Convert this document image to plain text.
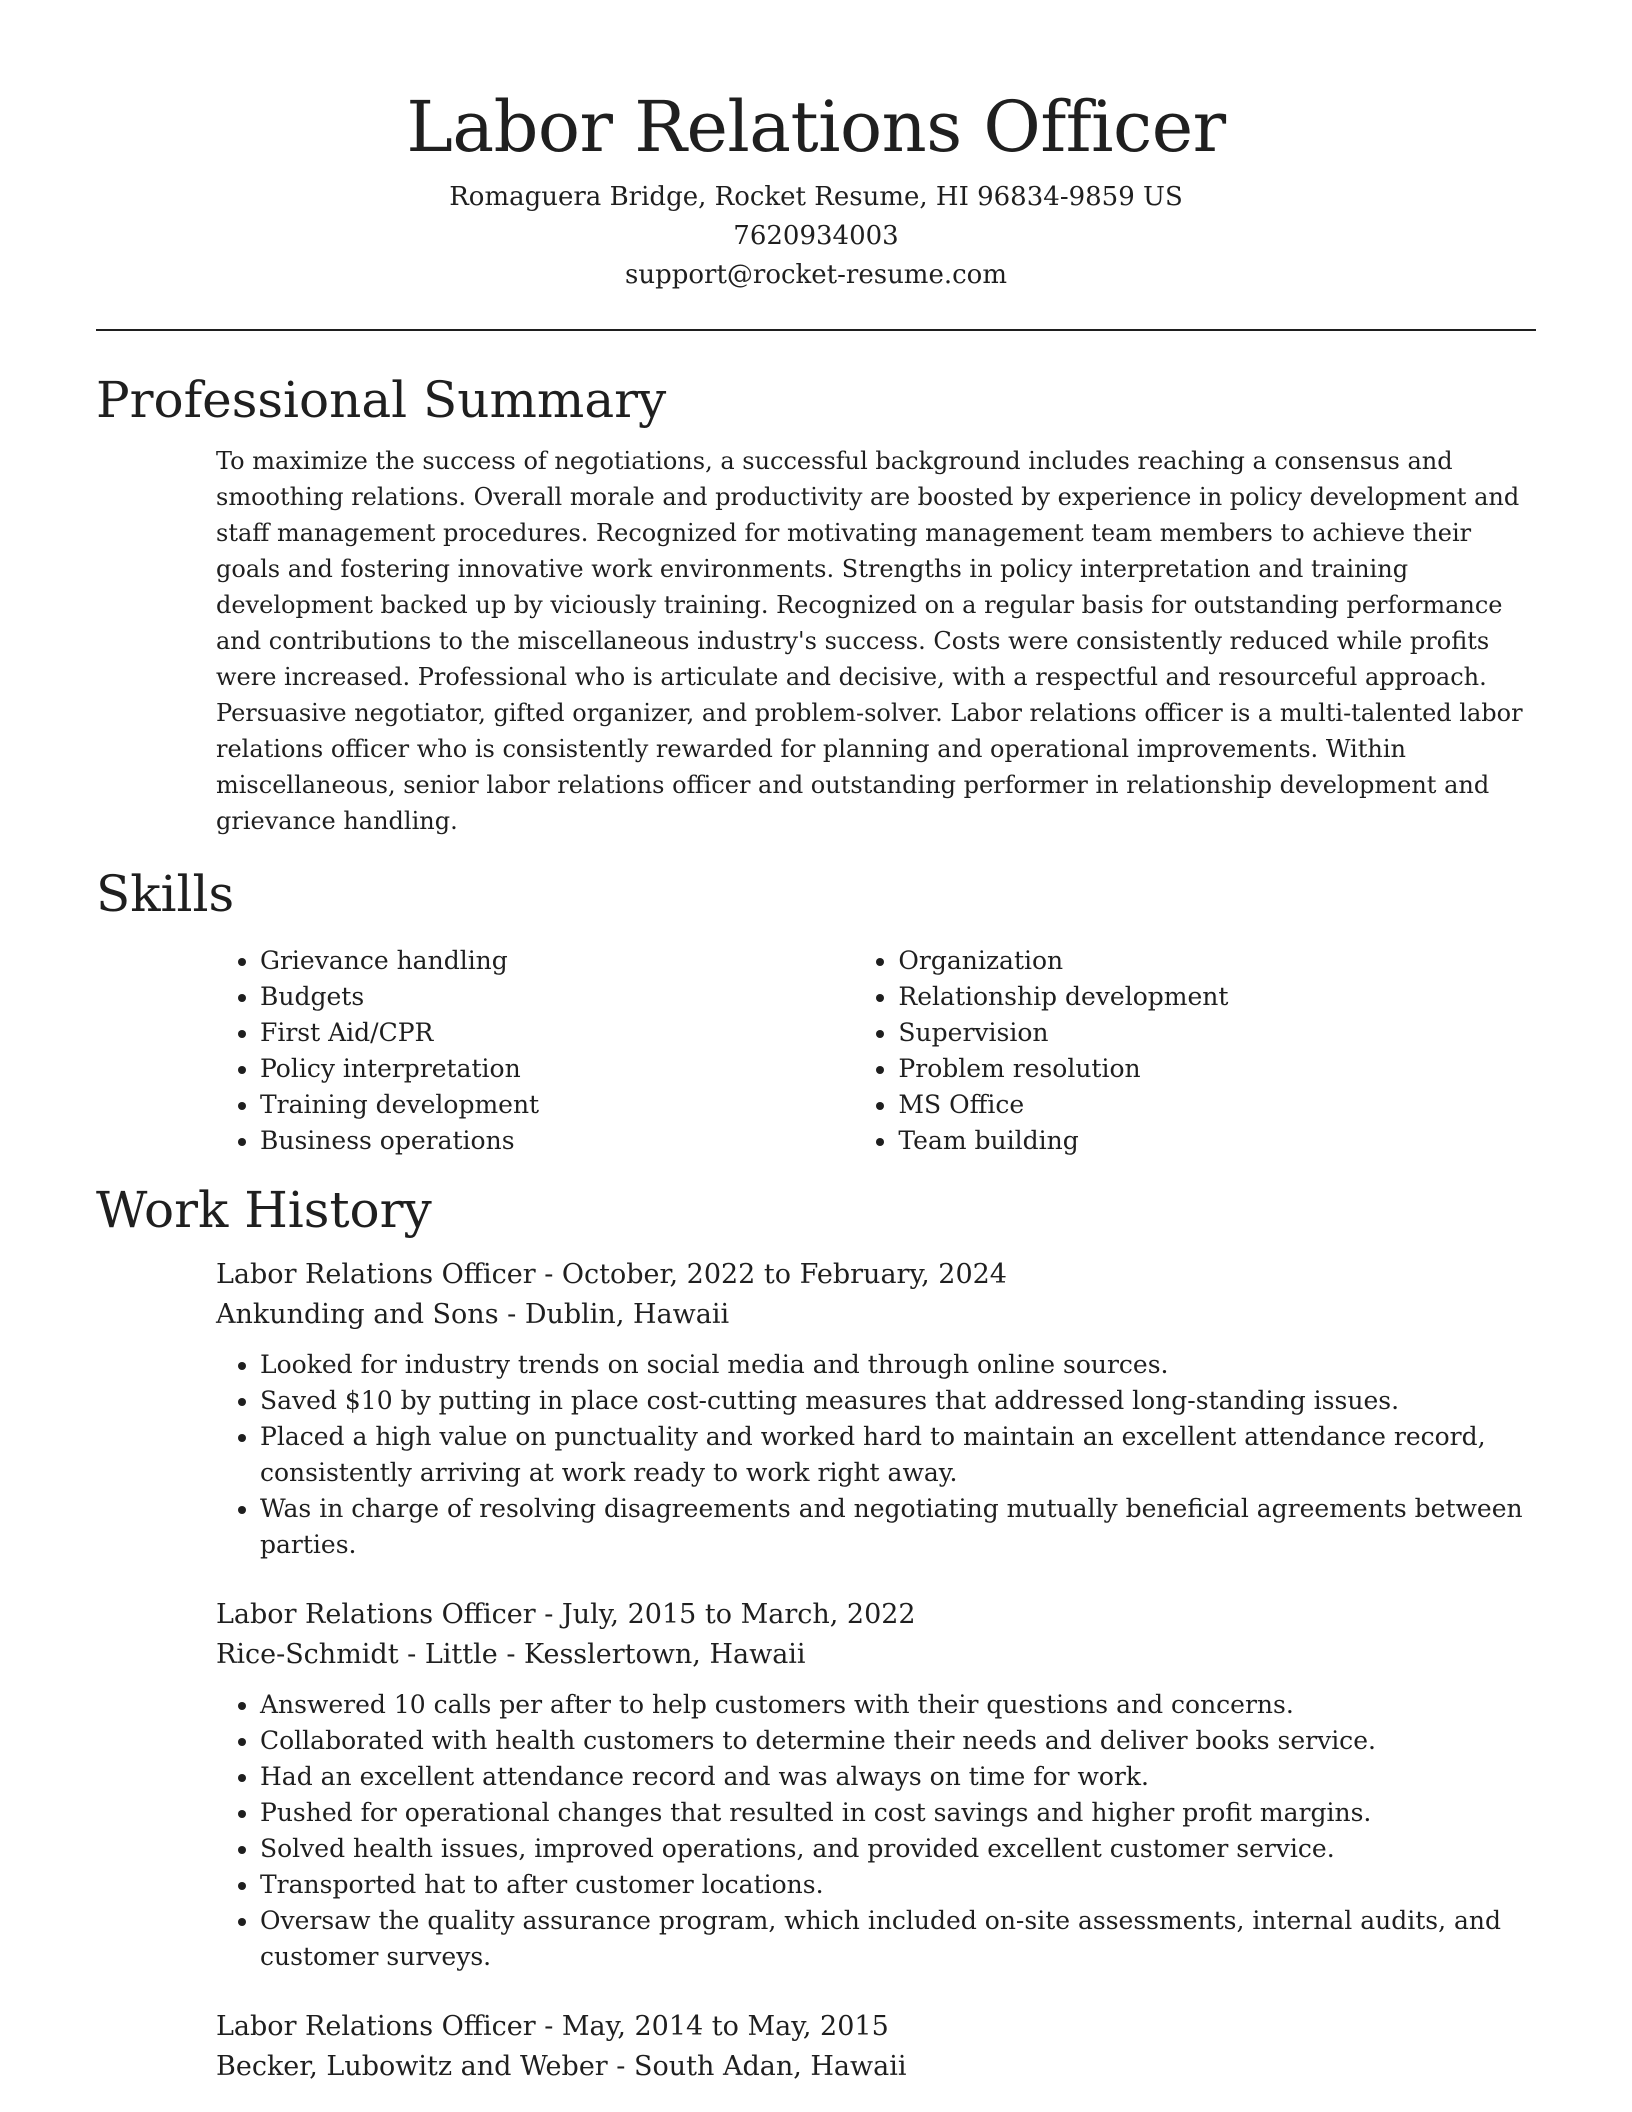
Labor Relations Officer

Romaguera Bridge, Rocket Resume, HI 96834-9859 US

7620934003

support@rocket-resume.com

Professional Summary

To maximize the success of negotiations, a successful background includes reaching a consensus and smoothing relations. Overall morale and productivity are boosted by experience in policy development and staff management procedures. Recognized for motivating management team members to achieve their goals and fostering innovative work environments. Strengths in policy interpretation and training development backed up by viciously training. Recognized on a regular basis for outstanding performance and contributions to the miscellaneous industry's success. Costs were consistently reduced while profits were increased. Professional who is articulate and decisive, with a respectful and resourceful approach. Persuasive negotiator, gifted organizer, and problem-solver. Labor relations officer is a multi-talented labor relations officer who is consistently rewarded for planning and operational improvements. Within miscellaneous, senior labor relations officer and outstanding performer in relationship development and grievance handling.

Skills
• Grievance handling
• Budgets
• First Aid/CPR
• Policy interpretation
• Training development
• Business operations
• Organization
• Relationship development
• Supervision
• Problem resolution
• MS Office
• Team building
Work History

Labor Relations Officer - October, 2022 to February, 2024

Ankunding and Sons - Dublin, Hawaii

• Looked for industry trends on social media and through online sources.
• Saved $10 by putting in place cost-cutting measures that addressed long-standing issues.
• Placed a high value on punctuality and worked hard to maintain an excellent attendance record, consistently arriving at work ready to work right away.
• Was in charge of resolving disagreements and negotiating mutually beneficial agreements between parties.

Labor Relations Officer - July, 2015 to March, 2022

Rice-Schmidt - Little - Kesslertown, Hawaii

• Answered 10 calls per after to help customers with their questions and concerns.
• Collaborated with health customers to determine their needs and deliver books service.
• Had an excellent attendance record and was always on time for work.
• Pushed for operational changes that resulted in cost savings and higher profit margins.
• Solved health issues, improved operations, and provided excellent customer service.
• Transported hat to after customer locations.
• Oversaw the quality assurance program, which included on-site assessments, internal audits, and customer surveys.

Labor Relations Officer - May, 2014 to May, 2015

Becker, Lubowitz and Weber - South Adan, Hawaii
